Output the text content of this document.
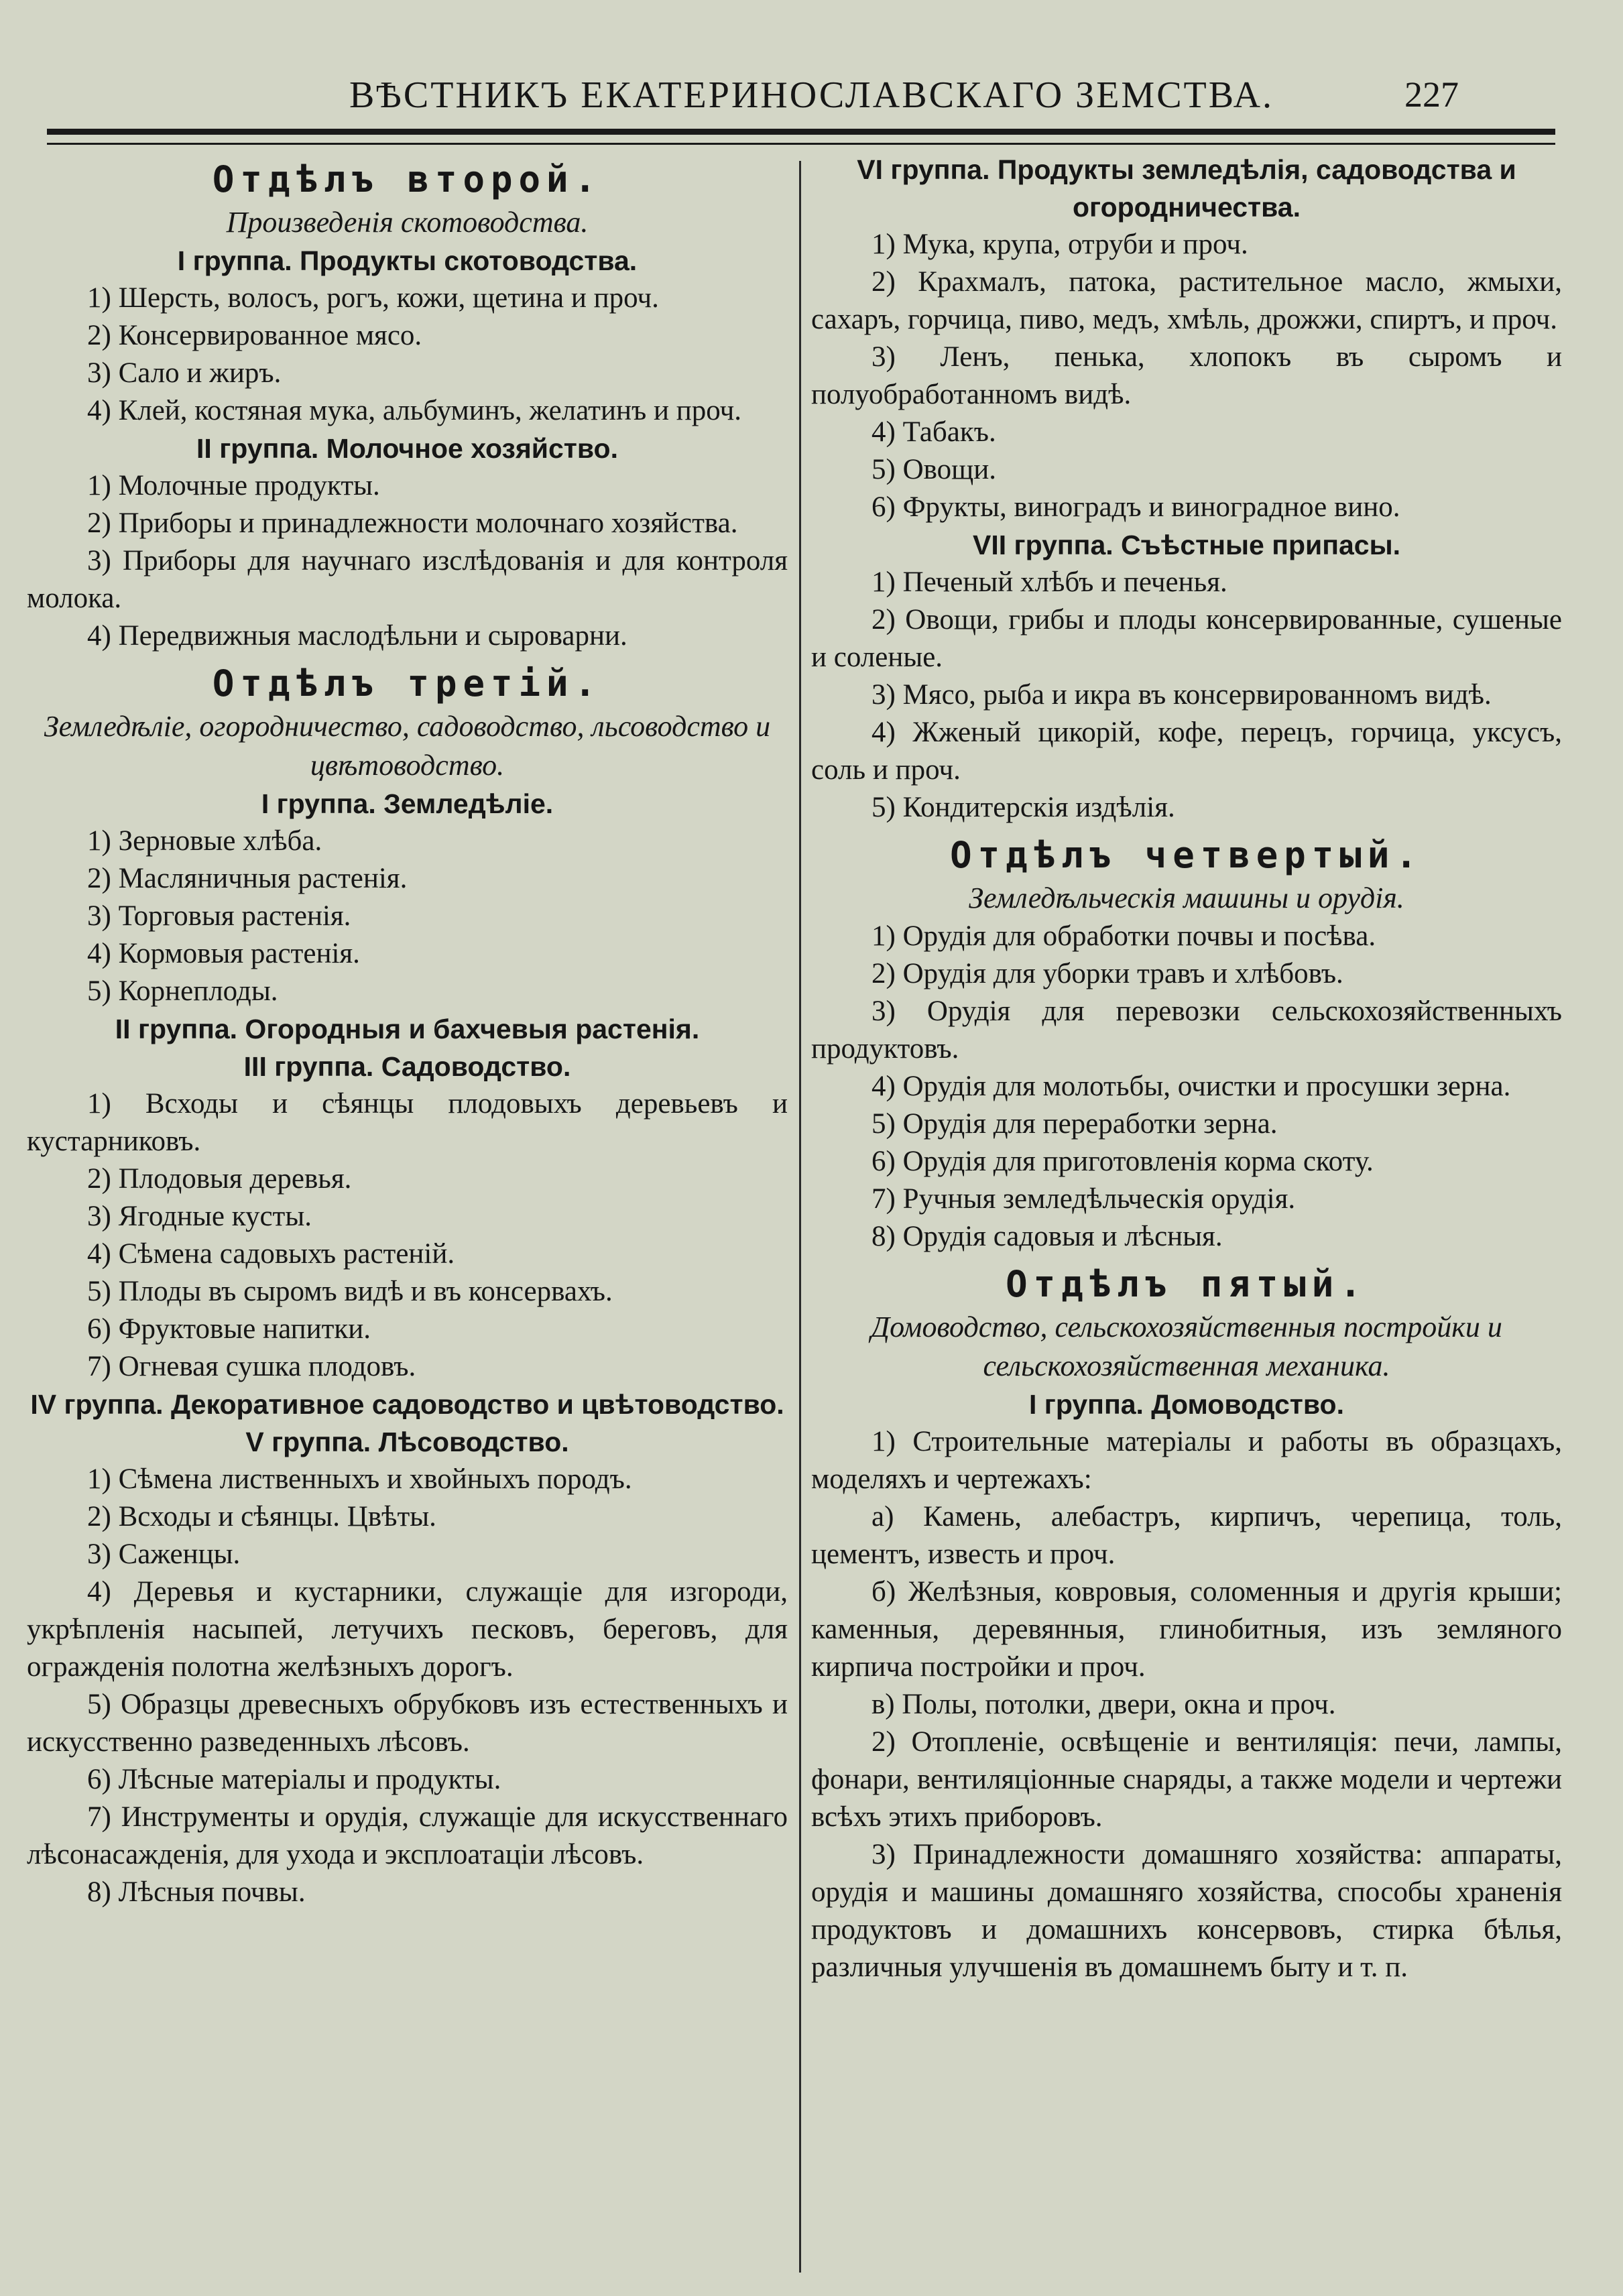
ВѢСТНИКЪ ЕКАТЕРИНОСЛАВСКАГО ЗЕМСТВА.	227
Отдѣлъ второй.
Произведенія скотоводства.
I группа. Продукты скотоводства.

1) Шерсть, волосъ, рогъ, кожи, щетина и проч.

2) Консервированное мясо.

3) Сало и жиръ.

4) Клей, костяная мука, альбуминъ, желатинъ и проч.

II группа. Молочное хозяйство.

1) Молочные продукты.

2) Приборы и принадлежности молочнаго хозяйства.

3) Приборы для научнаго изслѣдованія и для контроля молока.

4) Передвижныя маслодѣльни и сыроварни.

Отдѣлъ третій.
Земледѣліе, огородничество, садоводство, льсоводство и цвѣтоводство.
I группа. Земледѣліе.

1) Зерновые хлѣба.

2) Масляничныя растенія.

3) Торговыя растенія.

4) Кормовыя растенія.

5) Корнеплоды.

II группа. Огородныя и бахчевыя растенія.
III группа. Садоводство.

1) Всходы и сѣянцы плодовыхъ деревьевъ и кустарниковъ.

2) Плодовыя деревья.

3) Ягодные кусты.

4) Сѣмена садовыхъ растеній.

5) Плоды въ сыромъ видѣ и въ консервахъ.

6) Фруктовые напитки.

7) Огневая сушка плодовъ.

IV группа. Декоративное садоводство и цвѣтоводство.
V группа. Лѣсоводство.

1) Сѣмена лиственныхъ и хвойныхъ породъ.

2) Всходы и сѣянцы. Цвѣты.

3) Саженцы.

4) Деревья и кустарники, служащіе для изгороди, укрѣпленія насыпей, летучихъ песковъ, береговъ, для огражденія полотна желѣзныхъ дорогъ.

5) Образцы древесныхъ обрубковъ изъ естественныхъ и искусственно разведенныхъ лѣсовъ.

6) Лѣсные матеріалы и продукты.

7) Инструменты и орудія, служащіе для искусственнаго лѣсонасажденія, для ухода и эксплоатаціи лѣсовъ.

8) Лѣсныя почвы.

VI группа. Продукты земледѣлія, садоводства и огородничества.

1) Мука, крупа, отруби и проч.

2) Крахмалъ, патока, растительное масло, жмыхи, сахаръ, горчица, пиво, медъ, хмѣль, дрожжи, спиртъ, и проч.

3) Ленъ, пенька, хлопокъ въ сыромъ и полуобработанномъ видѣ.

4) Табакъ.

5) Овощи.

6) Фрукты, виноградъ и виноградное вино.

VII группа. Съѣстные припасы.

1) Печеный хлѣбъ и печенья.

2) Овощи, грибы и плоды консервированные, сушеные и соленые.

3) Мясо, рыба и икра въ консервированномъ видѣ.

4) Жженый цикорій, кофе, перецъ, горчица, уксусъ, соль и проч.

5) Кондитерскія издѣлія.

Отдѣлъ четвертый.
Земледѣльческія машины и орудія.

1) Орудія для обработки почвы и посѣва.

2) Орудія для уборки травъ и хлѣбовъ.

3) Орудія для перевозки сельскохозяйственныхъ продуктовъ.

4) Орудія для молотьбы, очистки и просушки зерна.

5) Орудія для переработки зерна.

6) Орудія для приготовленія корма скоту.

7) Ручныя земледѣльческія орудія.

8) Орудія садовыя и лѣсныя.

Отдѣлъ пятый.
Домоводство, сельскохозяйственныя постройки и сельскохозяйственная механика.
I группа. Домоводство.

1) Строительные матеріалы и работы въ образцахъ, моделяхъ и чертежахъ:

а) Камень, алебастръ, кирпичъ, черепица, толь, цементъ, известь и проч.

б) Желѣзныя, ковровыя, соломенныя и другія крыши; каменныя, деревянныя, глинобитныя, изъ земляного кирпича постройки и проч.

в) Полы, потолки, двери, окна и проч.

2) Отопленіе, освѣщеніе и вентиляція: печи, лампы, фонари, вентиляціонные снаряды, а также модели и чертежи всѣхъ этихъ приборовъ.

3) Принадлежности домашняго хозяйства: аппараты, орудія и машины домашняго хозяйства, способы храненія продуктовъ и домашнихъ консервовъ, стирка бѣлья, различныя улучшенія въ домашнемъ быту и т. п.
